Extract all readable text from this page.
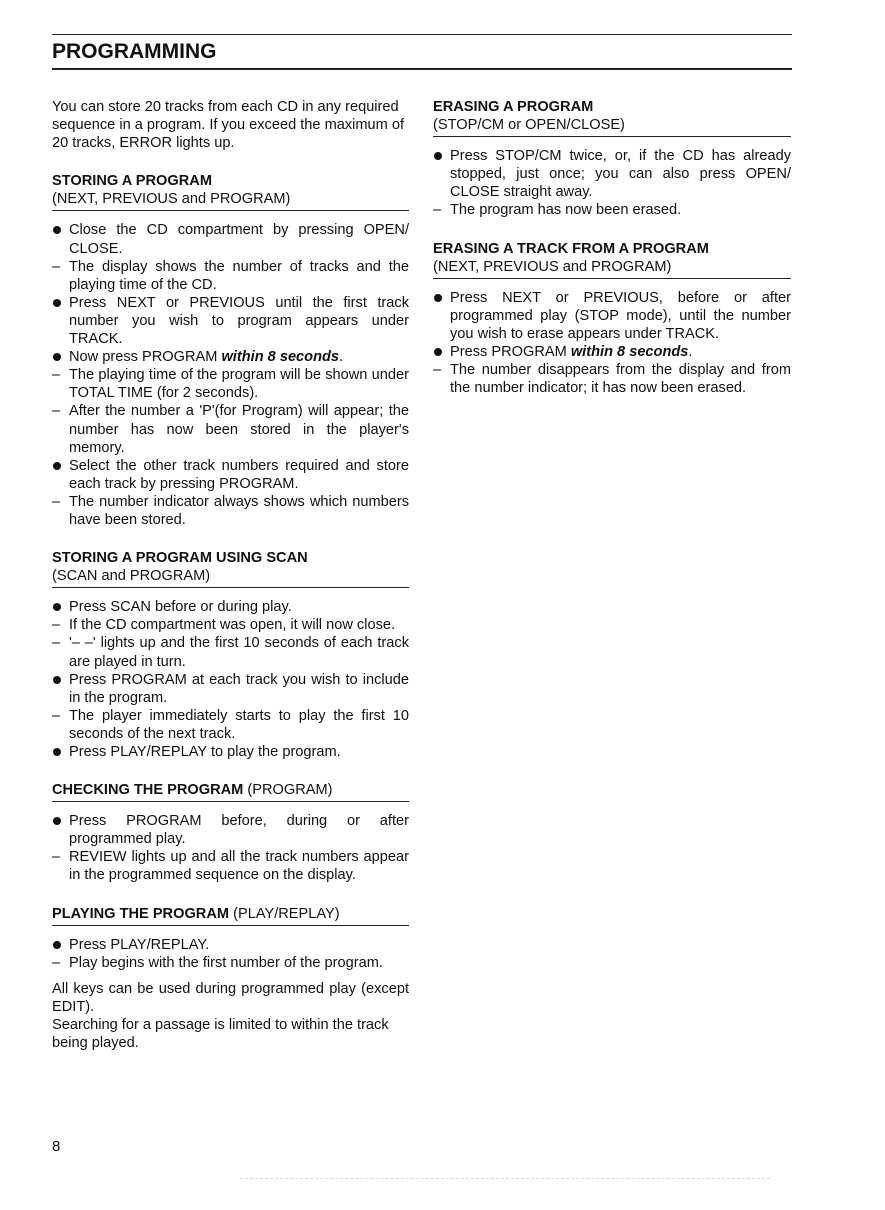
PROGRAMMING

You can store 20 tracks from each CD in any required sequence in a program. If you exceed the maximum of 20 tracks, ERROR lights up.

STORING A PROGRAM
(NEXT, PREVIOUS and PROGRAM)
Close the CD compartment by pressing OPEN/ CLOSE.
The display shows the number of tracks and the playing time of the CD.
Press NEXT or PREVIOUS until the first track number you wish to program appears under TRACK.
Now press PROGRAM within 8 seconds.
The playing time of the program will be shown under TOTAL TIME (for 2 seconds).
After the number a 'P'(for Program) will appear; the number has now been stored in the player's memory.
Select the other track numbers required and store each track by pressing PROGRAM.
The number indicator always shows which numbers have been stored.
STORING A PROGRAM USING SCAN
(SCAN and PROGRAM)
Press SCAN before or during play.
If the CD compartment was open, it will now close.
'– –' lights up and the first 10 seconds of each track are played in turn.
Press PROGRAM at each track you wish to include in the program.
The player immediately starts to play the first 10 seconds of the next track.
Press PLAY/REPLAY to play the program.
CHECKING THE PROGRAM (PROGRAM)
Press PROGRAM before, during or after programmed play.
REVIEW lights up and all the track numbers appear in the programmed sequence on the display.
PLAYING THE PROGRAM (PLAY/REPLAY)
Press PLAY/REPLAY.
Play begins with the first number of the program.

All keys can be used during programmed play (except EDIT).

Searching for a passage is limited to within the track being played.

ERASING A PROGRAM
(STOP/CM or OPEN/CLOSE)
Press STOP/CM twice, or, if the CD has already stopped, just once; you can also press OPEN/ CLOSE straight away.
The program has now been erased.
ERASING A TRACK FROM A PROGRAM
(NEXT, PREVIOUS and PROGRAM)
Press NEXT or PREVIOUS, before or after programmed play (STOP mode), until the number you wish to erase appears under TRACK.
Press PROGRAM within 8 seconds.
The number disappears from the display and from the number indicator; it has now been erased.
8
